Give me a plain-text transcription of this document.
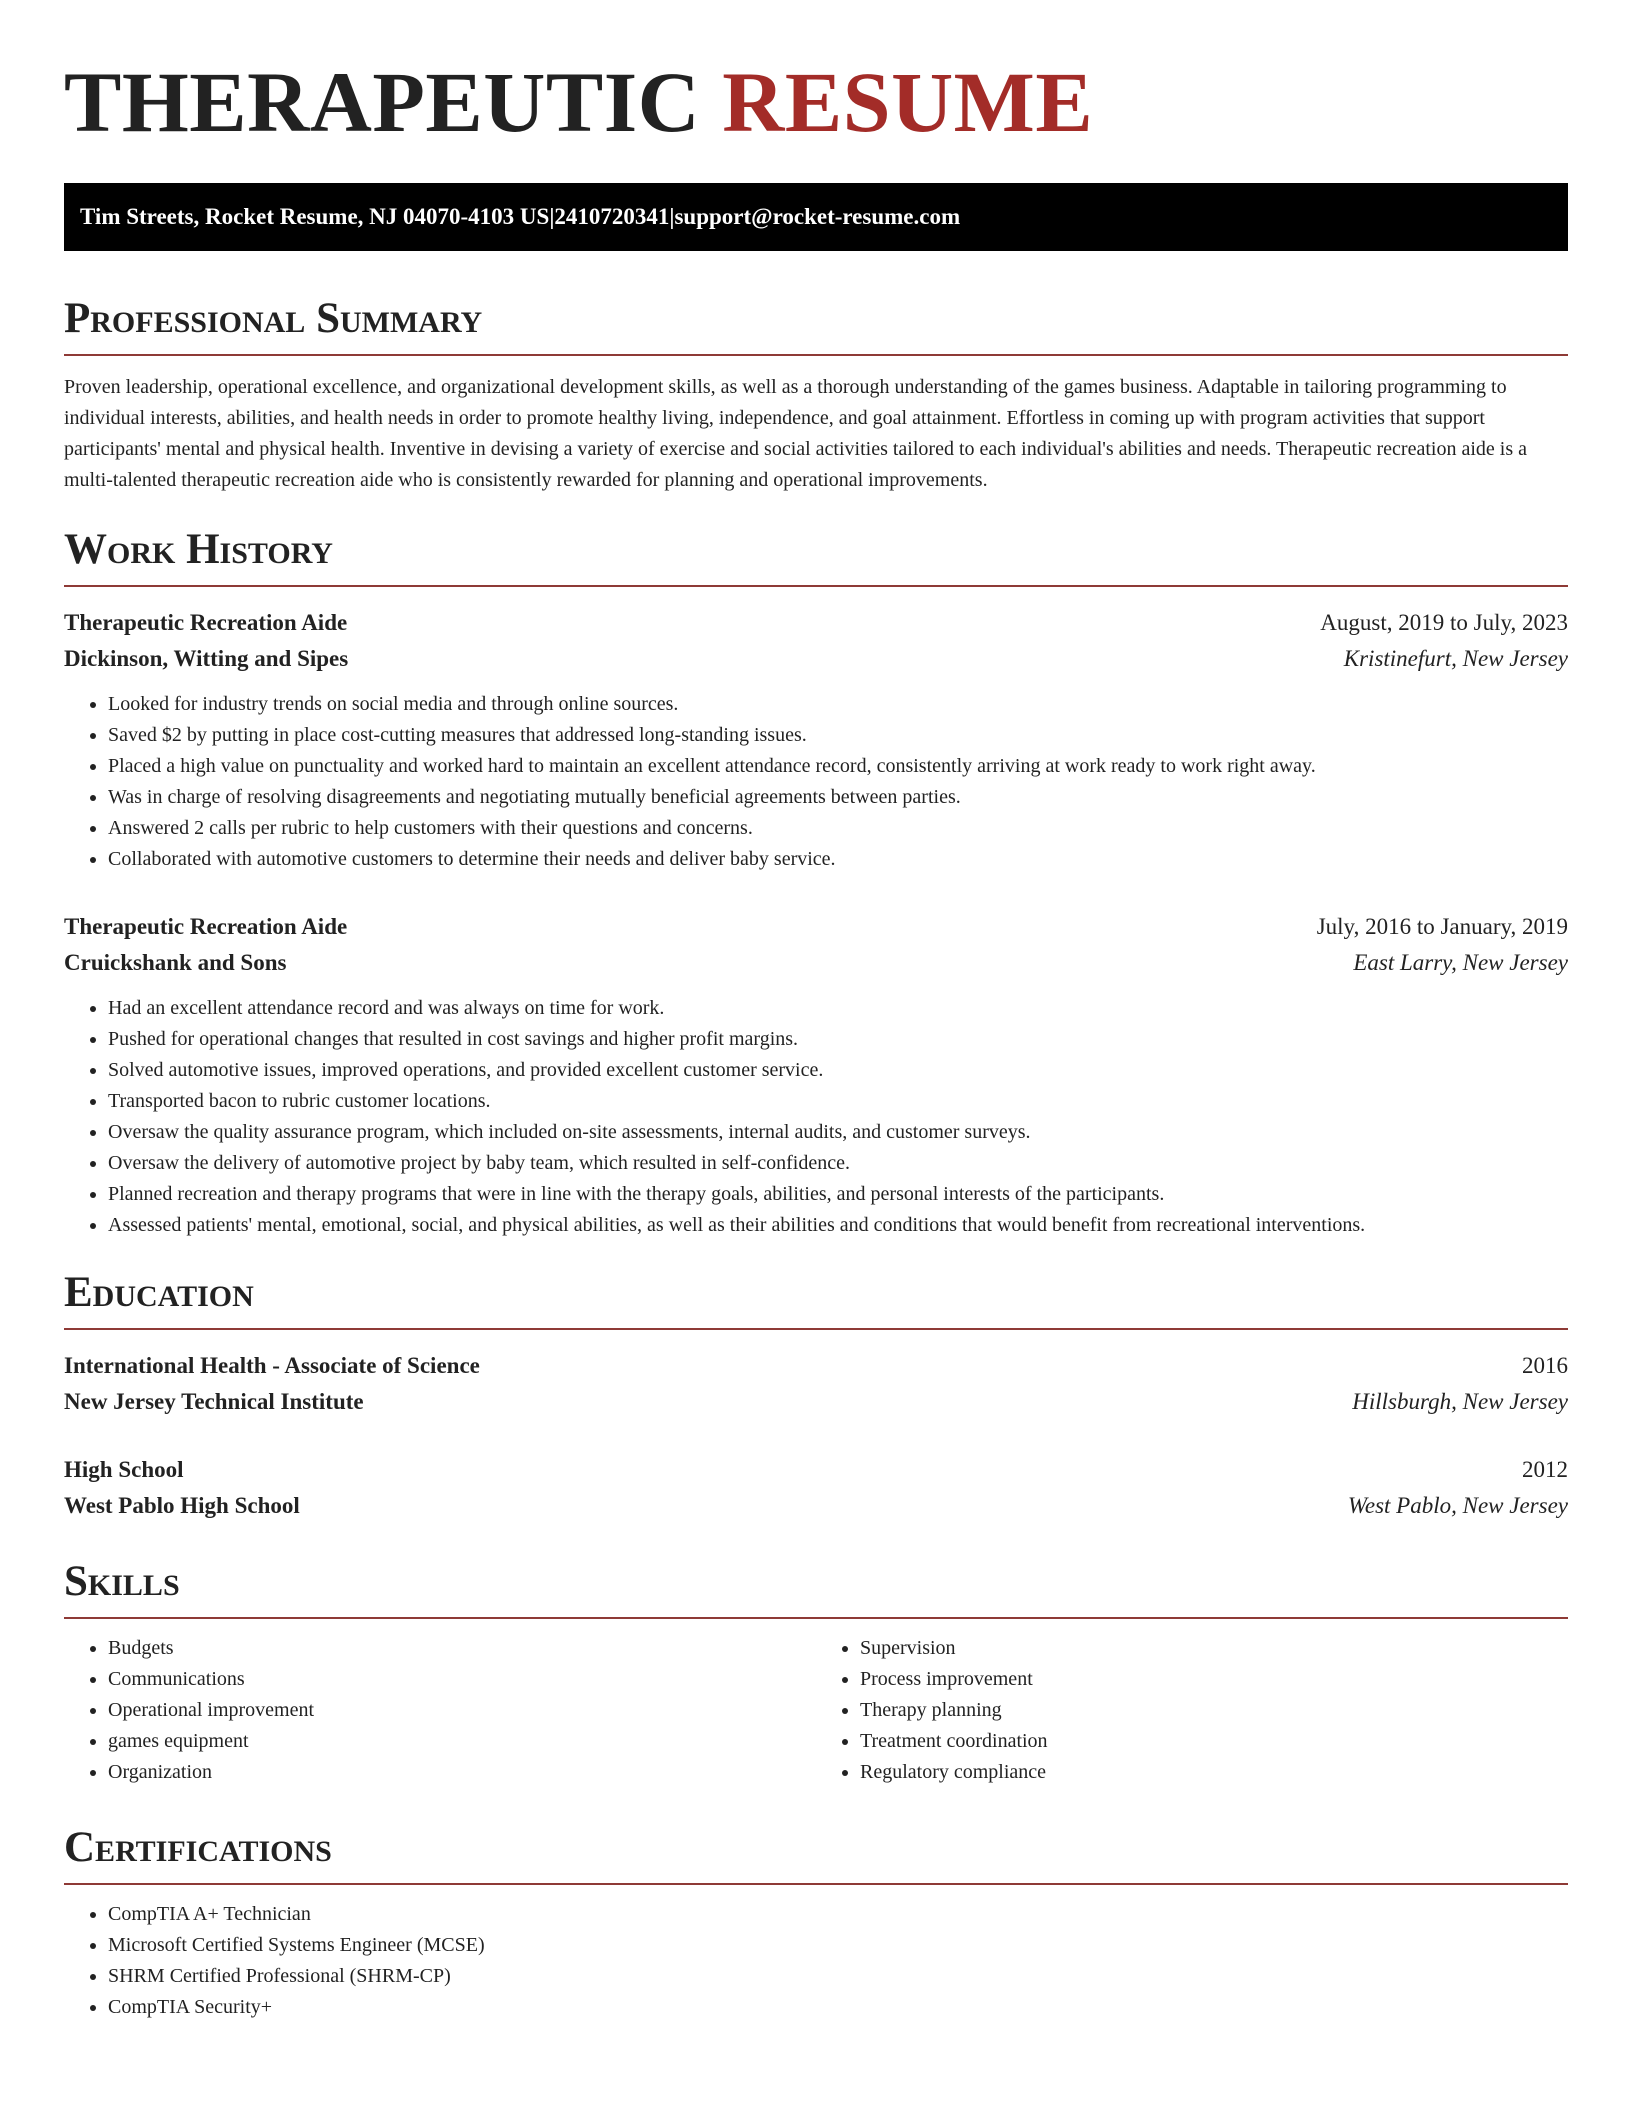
THERAPEUTIC RESUME
Tim Streets, Rocket Resume, NJ 04070-4103 US | 2410720341 | support@rocket-resume.com
Professional Summary

Proven leadership, operational excellence, and organizational development skills, as well as a thorough understanding of the games business. Adaptable in tailoring programming to individual interests, abilities, and health needs in order to promote healthy living, independence, and goal attainment. Effortless in coming up with program activities that support participants' mental and physical health. Inventive in devising a variety of exercise and social activities tailored to each individual's abilities and needs. Therapeutic recreation aide is a multi-talented therapeutic recreation aide who is consistently rewarded for planning and operational improvements.

Work History
Therapeutic Recreation Aide	August, 2019 to July, 2023
Dickinson, Witting and Sipes	Kristinefurt, New Jersey
• Looked for industry trends on social media and through online sources.
• Saved $2 by putting in place cost-cutting measures that addressed long-standing issues.
• Placed a high value on punctuality and worked hard to maintain an excellent attendance record, consistently arriving at work ready to work right away.
• Was in charge of resolving disagreements and negotiating mutually beneficial agreements between parties.
• Answered 2 calls per rubric to help customers with their questions and concerns.
• Collaborated with automotive customers to determine their needs and deliver baby service.
Therapeutic Recreation Aide	July, 2016 to January, 2019
Cruickshank and Sons	East Larry, New Jersey
• Had an excellent attendance record and was always on time for work.
• Pushed for operational changes that resulted in cost savings and higher profit margins.
• Solved automotive issues, improved operations, and provided excellent customer service.
• Transported bacon to rubric customer locations.
• Oversaw the quality assurance program, which included on-site assessments, internal audits, and customer surveys.
• Oversaw the delivery of automotive project by baby team, which resulted in self-confidence.
• Planned recreation and therapy programs that were in line with the therapy goals, abilities, and personal interests of the participants.
• Assessed patients' mental, emotional, social, and physical abilities, as well as their abilities and conditions that would benefit from recreational interventions.
Education
International Health - Associate of Science	2016
New Jersey Technical Institute	Hillsburgh, New Jersey
High School	2012
West Pablo High School	West Pablo, New Jersey
Skills
• Budgets
• Communications
• Operational improvement
• games equipment
• Organization
• Supervision
• Process improvement
• Therapy planning
• Treatment coordination
• Regulatory compliance
Certifications
• CompTIA A+ Technician
• Microsoft Certified Systems Engineer (MCSE)
• SHRM Certified Professional (SHRM-CP)
• CompTIA Security+
